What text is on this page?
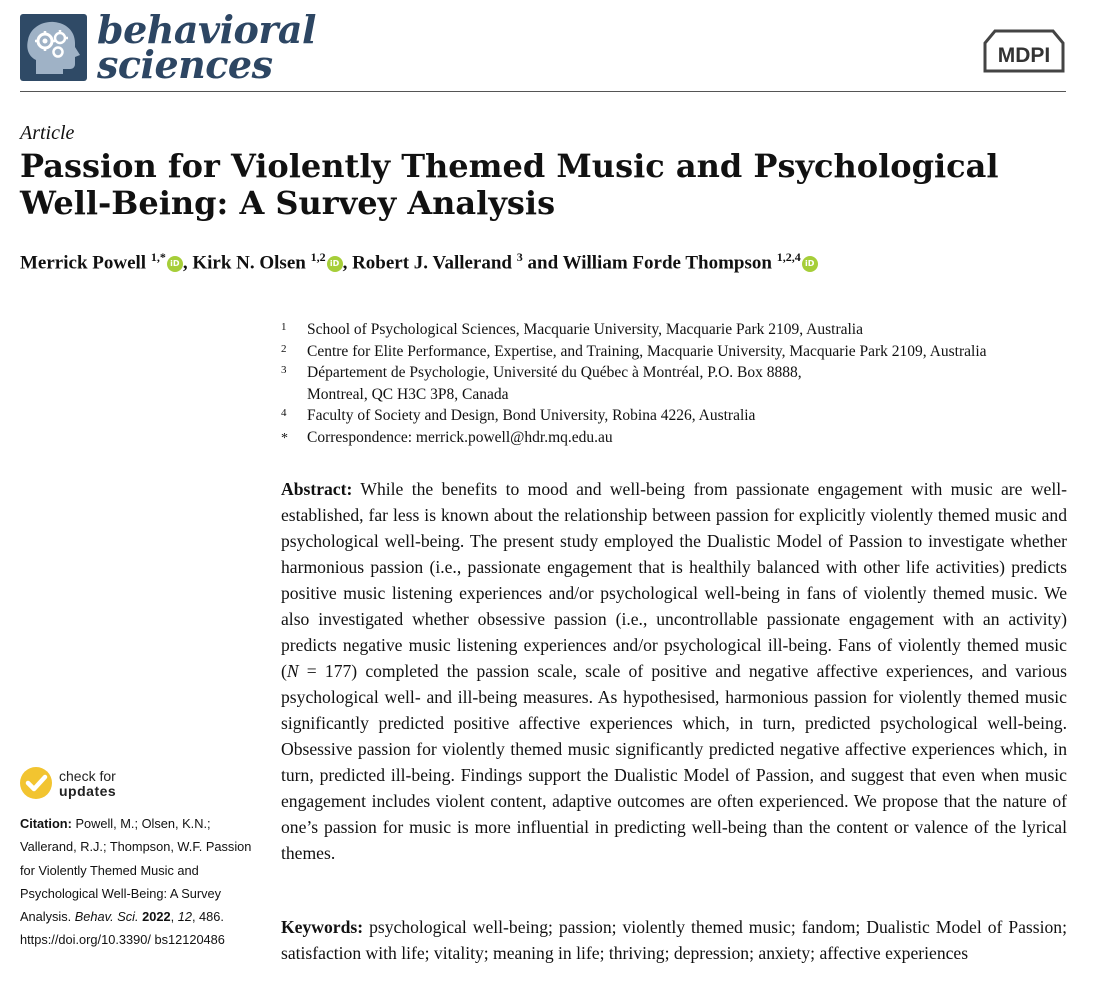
behavioral
sciences	MDPI
Article
Passion for Violently Themed Music and Psychological
Well-Being: A Survey Analysis
Merrick Powell $^{1,*}$ iD , Kirk N. Olsen $^{1,2}$ iD , Robert J. Vallerand $^3$ and William Forde Thompson $^{1,2,4}$ iD
1	School of Psychological Sciences, Macquarie University, Macquarie Park 2109, Australia
2	Centre for Elite Performance, Expertise, and Training, Macquarie University, Macquarie Park 2109, Australia
3	Département de Psychologie, Université du Québec à Montréal, P.O. Box 8888,
Montreal, QC H3C 3P8, Canada
4	Faculty of Society and Design, Bond University, Robina 4226, Australia
*	Correspondence: merrick.powell@hdr.mq.edu.au
Abstract: While the benefits to mood and well-being from passionate engagement with music are well-established, far less is known about the relationship between passion for explicitly violently themed music and psychological well-being. The present study employed the Dualistic Model of Passion to investigate whether harmonious passion (i.e., passionate engagement that is healthily balanced with other life activities) predicts positive music listening experiences and/or psychological well-being in fans of violently themed music. We also investigated whether obsessive passion (i.e., uncontrollable passionate engagement with an activity) predicts negative music listening experiences and/or psychological ill-being. Fans of violently themed music (N = 177) completed the passion scale, scale of positive and negative affective experiences, and various psychological well- and ill-being measures. As hypothesised, harmonious passion for violently themed music significantly predicted positive affective experiences which, in turn, predicted psychological well-being. Obsessive passion for violently themed music significantly predicted negative affective experiences which, in turn, predicted ill-being. Findings support the Dualistic Model of Passion, and suggest that even when music engagement includes violent content, adaptive outcomes are often experienced. We propose that the nature of one’s passion for music is more influential in predicting well-being than the content or valence of the lyrical themes.
Keywords: psychological well-being; passion; violently themed music; fandom; Dualistic Model of Passion; satisfaction with life; vitality; meaning in life; thriving; depression; anxiety; affective experiences
check for
updates
Citation: Powell, M.; Olsen, K.N.; Vallerand, R.J.; Thompson, W.F. Passion for Violently Themed Music and Psychological Well-Being: A Survey Analysis. Behav. Sci. 2022, 12, 486. https://doi.org/10.3390/ bs12120486
